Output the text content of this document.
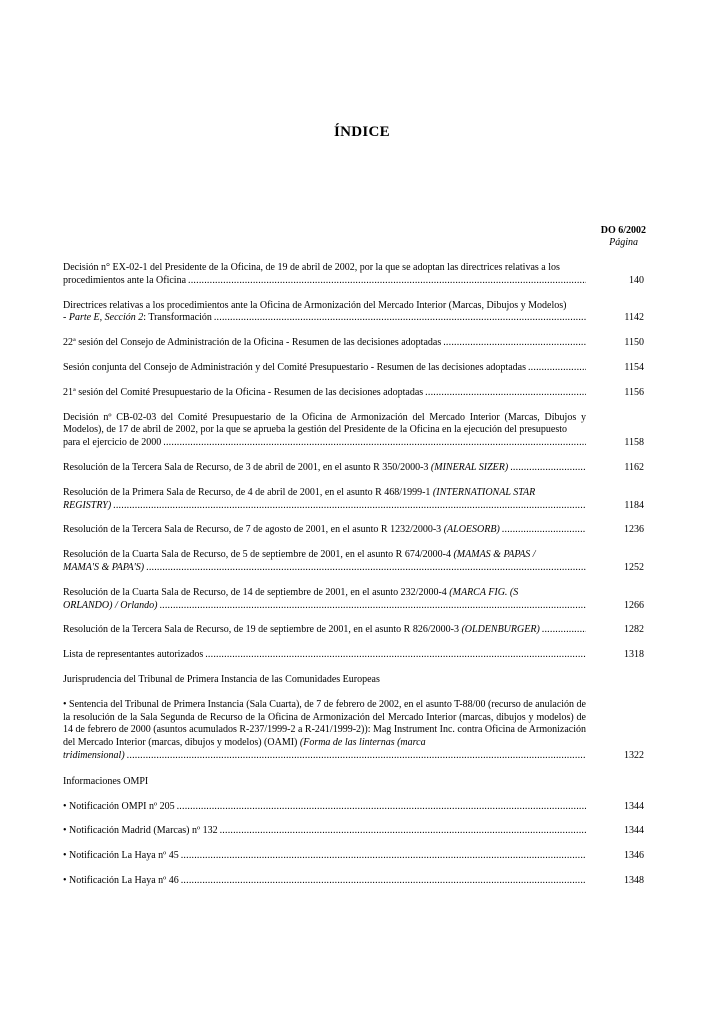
ÍNDICE
DO 6/2002
Página
Decisión n° EX-02-1 del Presidente de la Oficina, de 19 de abril de 2002, por la que se adoptan las directrices relativas a los
procedimientos ante la Oficina .....	140
Directrices relativas a los procedimientos ante la Oficina de Armonización del Mercado Interior (Marcas, Dibujos y Modelos)
- Parte E, Sección 2: Transformación .....	1142
22ª sesión del Consejo de Administración de la Oficina - Resumen de las decisiones adoptadas .....	1150
Sesión conjunta del Consejo de Administración y del Comité Presupuestario - Resumen de las decisiones adoptadas .....	1154
21ª sesión del Comité Presupuestario de la Oficina - Resumen de las decisiones adoptadas .....	1156
Decisión nº CB-02-03 del Comité Presupuestario de la Oficina de Armonización del Mercado Interior (Marcas, Dibujos y Modelos), de 17 de abril de 2002, por la que se aprueba la gestión del Presidente de la Oficina en la ejecución del presupuesto
para el ejercicio de 2000 .....	1158
Resolución de la Tercera Sala de Recurso, de 3 de abril de 2001, en el asunto R 350/2000-3 (MINERAL SIZER) .....	1162
Resolución de la Primera Sala de Recurso, de 4 de abril de 2001, en el asunto R 468/1999-1 (INTERNATIONAL STAR
REGISTRY) .....	1184
Resolución de la Tercera Sala de Recurso, de 7 de agosto de 2001, en el asunto R 1232/2000-3 (ALOESORB) .....	1236
Resolución de la Cuarta Sala de Recurso, de 5 de septiembre de 2001, en el asunto R 674/2000-4 (MAMAS & PAPAS /
MAMA'S & PAPA'S) .....	1252
Resolución de la Cuarta Sala de Recurso, de 14 de septiembre de 2001, en el asunto 232/2000-4 (MARCA FIG. (S
ORLANDO) / Orlando) .....	1266
Resolución de la Tercera Sala de Recurso, de 19 de septiembre de 2001, en el asunto R 826/2000-3 (OLDENBURGER) .....	1282
Lista de representantes autorizados .....	1318
Jurisprudencia del Tribunal de Primera Instancia de las Comunidades Europeas
• Sentencia del Tribunal de Primera Instancia (Sala Cuarta), de 7 de febrero de 2002, en el asunto T-88/00 (recurso de anulación de la resolución de la Sala Segunda de Recurso de la Oficina de Armonización del Mercado Interior (marcas, dibujos y modelos) de 14 de febrero de 2000 (asuntos acumulados R-237/1999-2 a R-241/1999-2)): Mag Instrument Inc. contra Oficina de Armonización del Mercado Interior (marcas, dibujos y modelos) (OAMI) (Forma de las linternas (marca
tridimensional) .....	1322
Informaciones OMPI
• Notificación OMPI nº 205 .....	1344
• Notificación Madrid (Marcas) nº 132 .....	1344
• Notificación La Haya nº 45 .....	1346
• Notificación La Haya nº 46 .....	1348
